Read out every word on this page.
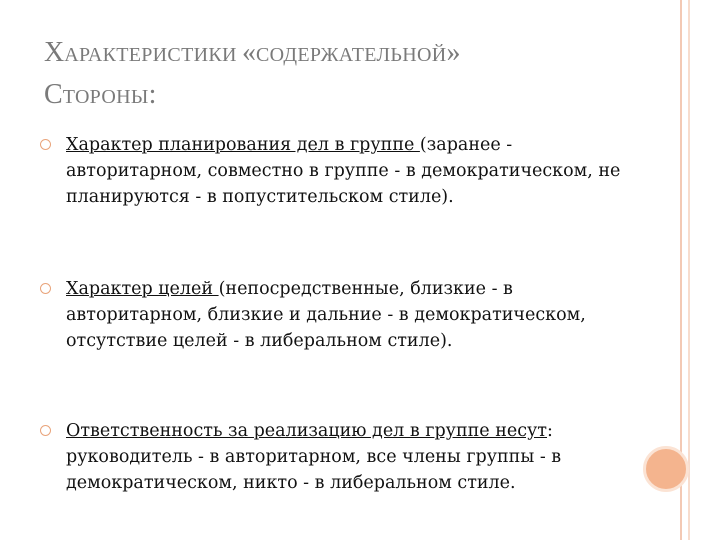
ХАРАКТЕРИСТИКИ «СОДЕРЖАТЕЛЬНОЙ»
СТОРОНЫ:
Характер планирования дел в группе (заранее - авторитарном, совместно в группе - в демократическом, не планируются - в попустительском стиле).
Характер целей (непосредственные, близкие - в авторитарном, близкие и дальние - в демократическом, отсутствие целей - в либеральном стиле).
Ответственность за реализацию дел в группе несут: руководитель - в авторитарном, все члены группы - в демократическом, никто - в либеральном стиле.
